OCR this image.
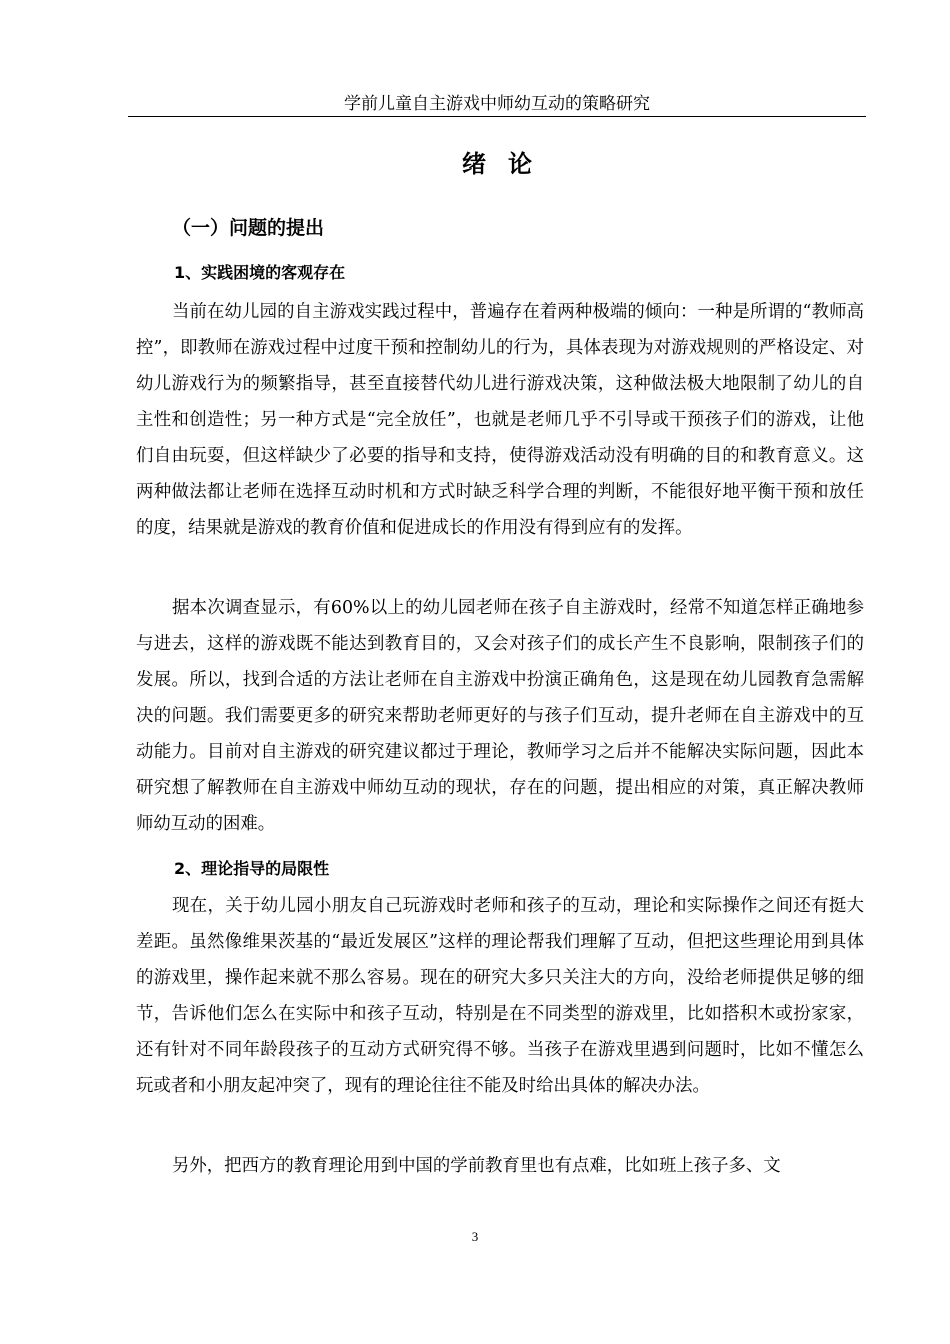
学前儿童自主游戏中师幼互动的策略研究
绪论
（一）问题的提出
1、实践困境的客观存在

当前在幼儿园的自主游戏实践过程中，普遍存在着两种极端的倾向：一种是所谓的“教师高控”，即教师在游戏过程中过度干预和控制幼儿的行为，具体表现为对游戏规则的严格设定、对幼儿游戏行为的频繁指导，甚至直接替代幼儿进行游戏决策，这种做法极大地限制了幼儿的自主性和创造性；另一种方式是“完全放任”，也就是老师几乎不引导或干预孩子们的游戏，让他们自由玩耍，但这样缺少了必要的指导和支持，使得游戏活动没有明确的目的和教育意义。这两种做法都让老师在选择互动时机和方式时缺乏科学合理的判断，不能很好地平衡干预和放任的度，结果就是游戏的教育价值和促进成长的作用没有得到应有的发挥。

据本次调查显示，有60%以上的幼儿园老师在孩子自主游戏时，经常不知道怎样正确地参与进去，这样的游戏既不能达到教育目的，又会对孩子们的成长产生不良影响，限制孩子们的发展。所以，找到合适的方法让老师在自主游戏中扮演正确角色，这是现在幼儿园教育急需解决的问题。我们需要更多的研究来帮助老师更好的与孩子们互动，提升老师在自主游戏中的互动能力。目前对自主游戏的研究建议都过于理论，教师学习之后并不能解决实际问题，因此本研究想了解教师在自主游戏中师幼互动的现状，存在的问题，提出相应的对策，真正解决教师师幼互动的困难。

2、理论指导的局限性

现在，关于幼儿园小朋友自己玩游戏时老师和孩子的互动，理论和实际操作之间还有挺大差距。虽然像维果茨基的“最近发展区”这样的理论帮我们理解了互动，但把这些理论用到具体的游戏里，操作起来就不那么容易。现在的研究大多只关注大的方向，没给老师提供足够的细节，告诉他们怎么在实际中和孩子互动，特别是在不同类型的游戏里，比如搭积木或扮家家，还有针对不同年龄段孩子的互动方式研究得不够。当孩子在游戏里遇到问题时，比如不懂怎么玩或者和小朋友起冲突了，现有的理论往往不能及时给出具体的解决办法。

另外，把西方的教育理论用到中国的学前教育里也有点难，比如班上孩子多、文

3
